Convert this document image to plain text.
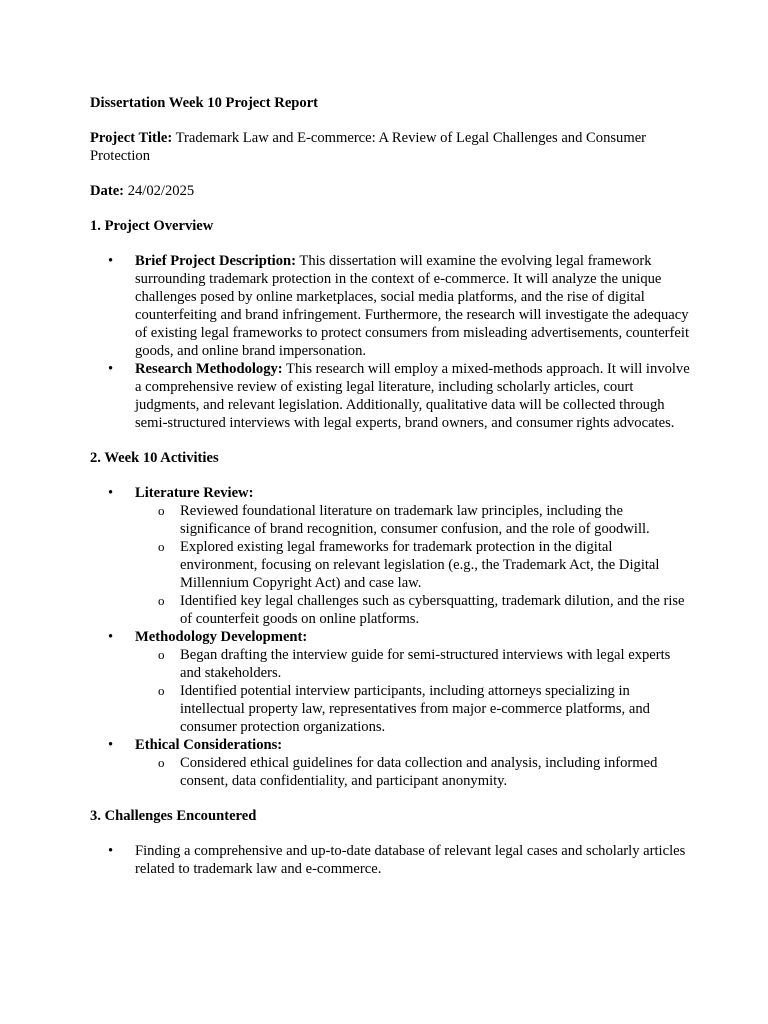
Dissertation Week 10 Project Report

Project Title: Trademark Law and E-commerce: A Review of Legal Challenges and Consumer Protection

Date: 24/02/2025

1. Project Overview

• Brief Project Description: This dissertation will examine the evolving legal framework surrounding trademark protection in the context of e-commerce. It will analyze the unique challenges posed by online marketplaces, social media platforms, and the rise of digital counterfeiting and brand infringement. Furthermore, the research will investigate the adequacy of existing legal frameworks to protect consumers from misleading advertisements, counterfeit goods, and online brand impersonation.
• Research Methodology: This research will employ a mixed-methods approach. It will involve a comprehensive review of existing legal literature, including scholarly articles, court judgments, and relevant legislation. Additionally, qualitative data will be collected through semi-structured interviews with legal experts, brand owners, and consumer rights advocates.

2. Week 10 Activities

• Literature Review:
o Reviewed foundational literature on trademark law principles, including the significance of brand recognition, consumer confusion, and the role of goodwill.
o Explored existing legal frameworks for trademark protection in the digital environment, focusing on relevant legislation (e.g., the Trademark Act, the Digital Millennium Copyright Act) and case law.
o Identified key legal challenges such as cybersquatting, trademark dilution, and the rise of counterfeit goods on online platforms.
• Methodology Development:
o Began drafting the interview guide for semi-structured interviews with legal experts and stakeholders.
o Identified potential interview participants, including attorneys specializing in intellectual property law, representatives from major e-commerce platforms, and consumer protection organizations.
• Ethical Considerations:
o Considered ethical guidelines for data collection and analysis, including informed consent, data confidentiality, and participant anonymity.

3. Challenges Encountered

• Finding a comprehensive and up-to-date database of relevant legal cases and scholarly articles related to trademark law and e-commerce.
